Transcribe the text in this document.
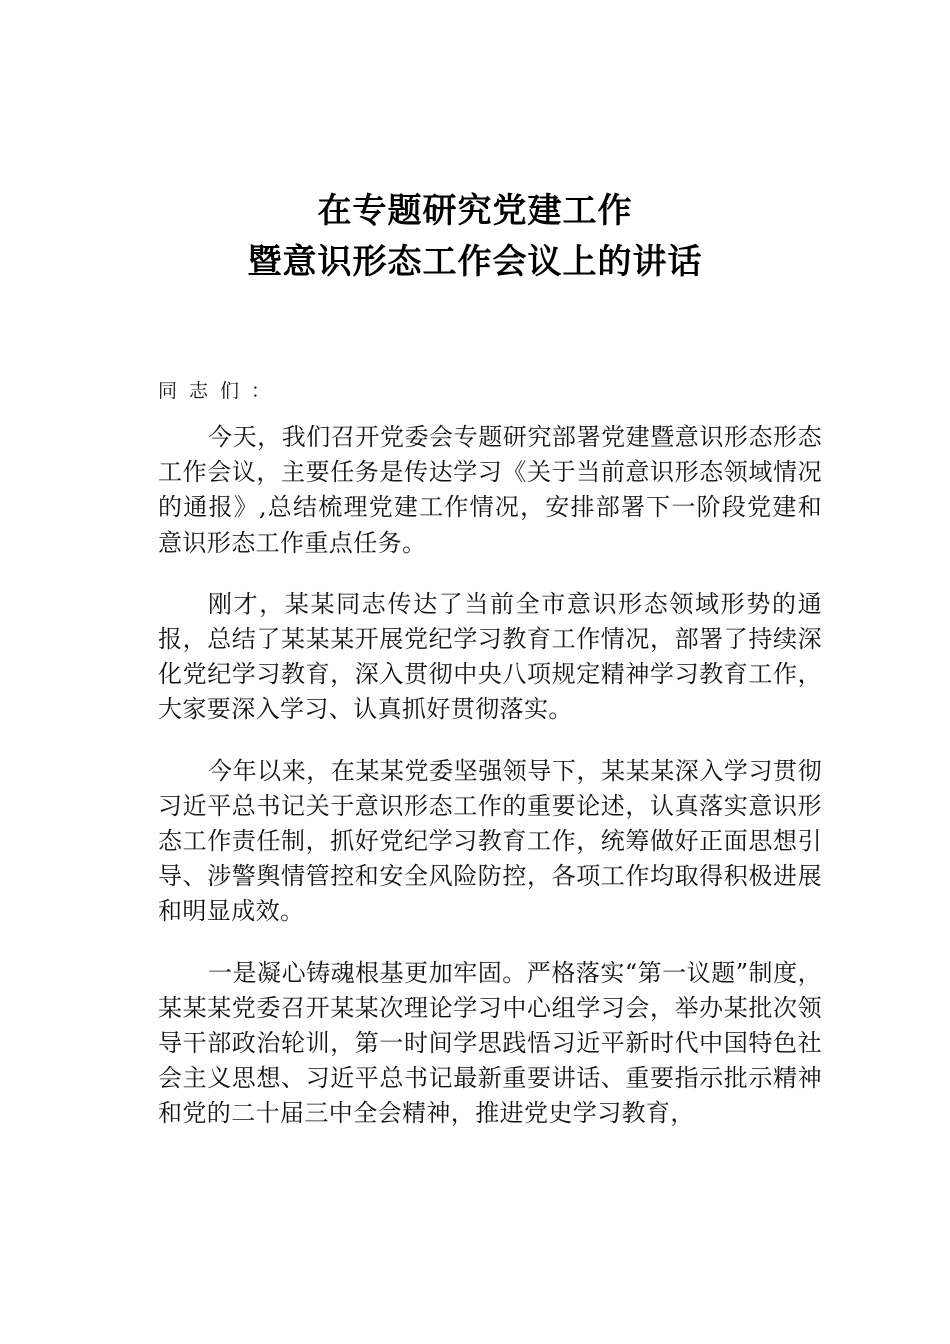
在专题研究党建工作
暨意识形态工作会议上的讲话
同志们：

今天，我们召开党委会专题研究部署党建暨意识形态形态工作会议，主要任务是传达学习《关于当前意识形态领域情况的通报》,总结梳理党建工作情况，安排部署下一阶段党建和意识形态工作重点任务。

刚才，某某同志传达了当前全市意识形态领域形势的通报，总结了某某某开展党纪学习教育工作情况，部署了持续深化党纪学习教育，深入贯彻中央八项规定精神学习教育工作，大家要深入学习、认真抓好贯彻落实。

今年以来，在某某党委坚强领导下，某某某深入学习贯彻习近平总书记关于意识形态工作的重要论述，认真落实意识形态工作责任制，抓好党纪学习教育工作，统筹做好正面思想引导、涉警舆情管控和安全风险防控，各项工作均取得积极进展和明显成效。

一是凝心铸魂根基更加牢固。严格落实“第一议题”制度，某某某党委召开某某次理论学习中心组学习会，举办某批次领导干部政治轮训，第一时间学思践悟习近平新时代中国特色社会主义思想、习近平总书记最新重要讲话、重要指示批示精神和党的二十届三中全会精神，推进党史学习教育，
